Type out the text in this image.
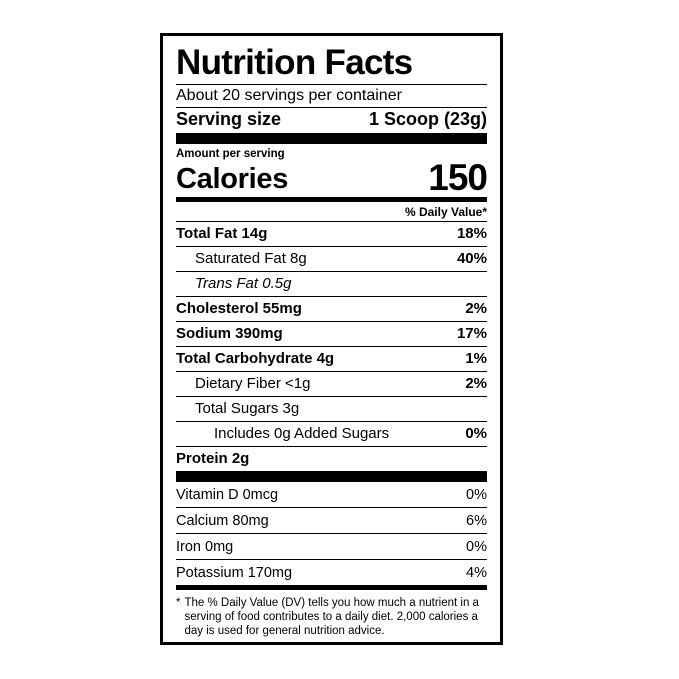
Nutrition Facts
About 20 servings per container
Serving size	1 Scoop (23g)
Amount per serving
Calories	150
% Daily Value*
Total Fat 14g	18%
Saturated Fat 8g	40%
Trans Fat 0.5g
Cholesterol 55mg	2%
Sodium 390mg	17%
Total Carbohydrate 4g	1%
Dietary Fiber <1g	2%
Total Sugars 3g
Includes 0g Added Sugars	0%
Protein 2g
Vitamin D 0mcg	0%
Calcium 80mg	6%
Iron 0mg	0%
Potassium 170mg	4%
* The % Daily Value (DV) tells you how much a nutrient in a serving of food contributes to a daily diet. 2,000 calories a day is used for general nutrition advice.
